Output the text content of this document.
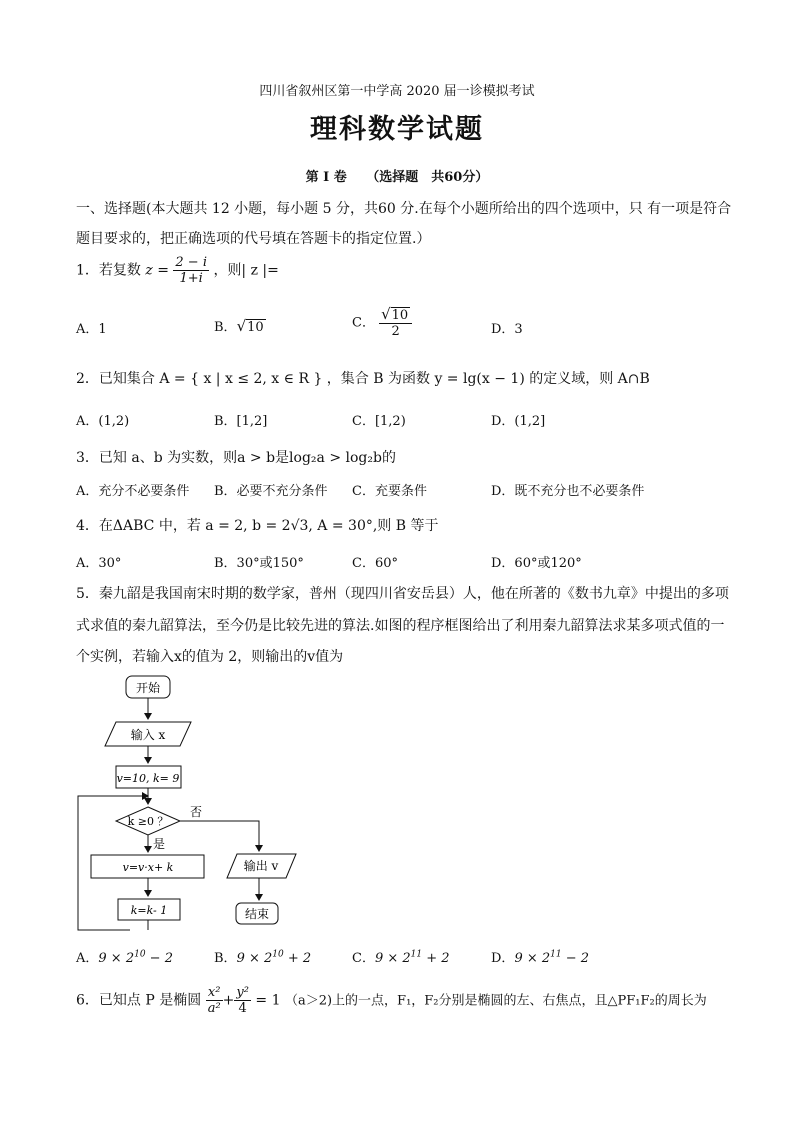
四川省叙州区第一中学高 2020 届一诊模拟考试
理科数学试题
第 I 卷　　（选择题　共60分）
一、选择题(本大题共 12 小题，每小题 5 分，共60 分.在每个小题所给出的四个选项中，只 有一项是符合
题目要求的，把正确选项的代号填在答题卡的指定位置.）
1．若复数 $z = \frac{2 - i}{1+i}$ ，则| z |=
A．1	B．√10	C． $\frac{√10}{2}$	D．3
2．已知集合 A = { x | x ≤ 2, x ∈ R } ，集合 B 为函数 y = lg(x − 1) 的定义域，则 A∩B
A．(1,2)	B．[1,2]	C．[1,2)	D．(1,2]
3．已知 a、b 为实数，则a > b是log₂a > log₂b的
A．充分不必要条件 B．必要不充分条件 C．充要条件	D．既不充分也不必要条件
4．在ΔABC 中，若 a = 2, b = 2√3, A = 30°,则 B 等于
A．30°	B．30°或150°	C．60°	D．60°或120°
5．秦九韶是我国南宋时期的数学家，普州（现四川省安岳县）人，他在所著的《数书九章》中提出的多项
式求值的秦九韶算法，至今仍是比较先进的算法.如图的程序框图给出了利用秦九韶算法求某多项式值的一
个实例，若输入x的值为 2，则输出的v值为
开始
输入 x
v=10, k= 9
k ≥0 ？
否
是
v=v·x+ k
k=k- 1
输出 v
结束
A．$9 \times 2^{10} - 2$	B．$9 \times 2^{10} + 2$	C．$9 \times 2^{11} + 2$	D．$9 \times 2^{11} - 2$
6．已知点 P 是椭圆 $\frac{\text{x²}}{\text{a²}} + \frac{\text{y²}}{4} = 1$ （a＞2)上的一点，F₁，F₂分别是椭圆的左、右焦点，且△PF₁F₂的周长为
